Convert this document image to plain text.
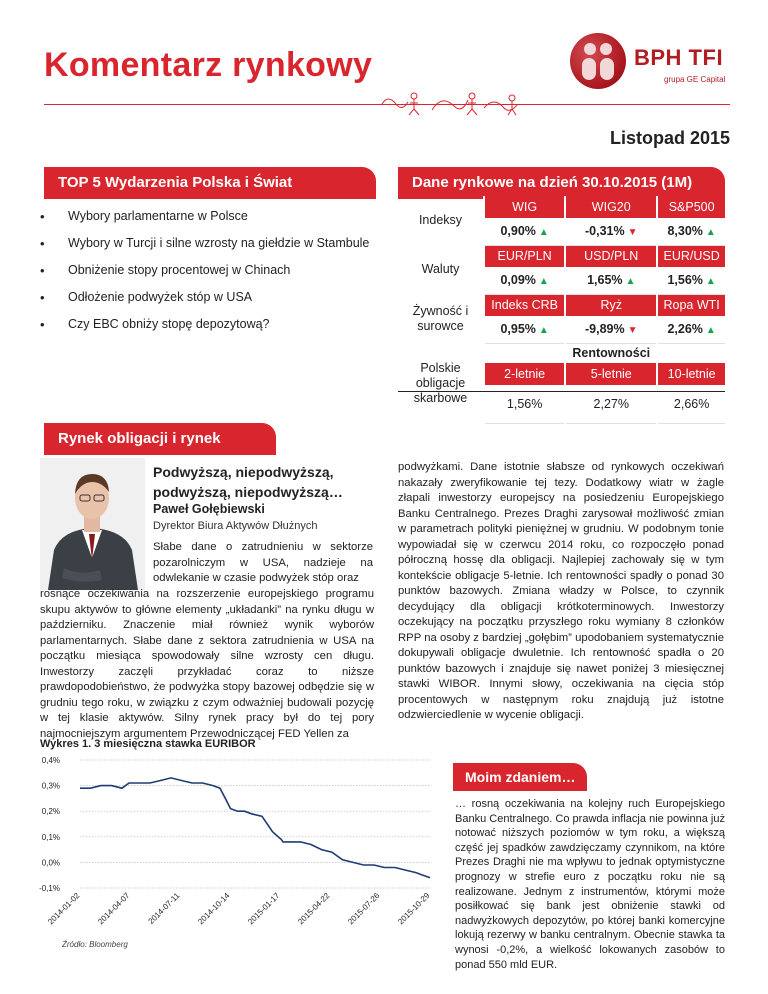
Komentarz rynkowy	BPH TFI
grupa GE Capital
Listopad 2015
TOP 5 Wydarzenia Polska i Świat
• Wybory parlamentarne w Polsce
• Wybory w Turcji i silne wzrosty na giełdzie w Stambule
• Obniżenie stopy procentowej w Chinach
• Odłożenie podwyżek stóp w USA
• Czy EBC obniży stopę depozytową?
Dane rynkowe na dzień 30.10.2015 (1M)
Indeksy	WIG	WIG20	S&P500
	0,90% ▲	-0,31% ▼	8,30% ▲
Waluty	EUR/PLN	USD/PLN	EUR/USD
	0,09% ▲	1,65% ▲	1,56% ▲
Żywność i surowce	Indeks CRB	Ryż	Ropa WTI
	0,95% ▲	-9,89% ▼	2,26% ▲
Polskie obligacje skarbowe		Rentowności	
	2-letnie	5-letnie	10-letnie
	1,56%	2,27%	2,66%
Rynek obligacji i rynek
Podwyższą, niepodwyższą, podwyższą, niepodwyższą…
Paweł Gołębiewski
Dyrektor Biura Aktywów Dłużnych
Słabe dane o zatrudnieniu w sektorze pozarolniczym w USA, nadzieje na odwlekanie w czasie podwyżek stóp oraz
rosnące oczekiwania na rozszerzenie europejskiego programu skupu aktywów to główne elementy „układanki” na rynku długu w październiku. Znaczenie miał również wynik wyborów parlamentarnych. Słabe dane z sektora zatrudnienia w USA na początku miesiąca spowodowały silne wzrosty cen długu. Inwestorzy zaczęli przykładać coraz to niższe prawdopodobieństwo, że podwyżka stopy bazowej odbędzie się w grudniu tego roku, w związku z czym odważniej budowali pozycję w tej klasie aktywów. Silny rynek pracy był do tej pory najmocniejszym argumentem Przewodniczącej FED Yellen za
podwyżkami. Dane istotnie słabsze od rynkowych oczekiwań nakazały zweryfikowanie tej tezy. Dodatkowy wiatr w żagle złapali inwestorzy europejscy na posiedzeniu Europejskiego Banku Centralnego. Prezes Draghi zarysował możliwość zmian w parametrach polityki pieniężnej w grudniu. W podobnym tonie wypowiadał się w czerwcu 2014 roku, co rozpoczęło ponad półroczną hossę dla obligacji. Najlepiej zachowały się w tym kontekście obligacje 5-letnie. Ich rentowności spadły o ponad 30 punktów bazowych. Zmiana władzy w Polsce, to czynnik decydujący dla obligacji krótkoterminowych. Inwestorzy oczekujący na początku przyszłego roku wymiany 8 członków RPP na osoby z bardziej „gołębim” upodobaniem systematycznie dokupywali obligacje dwuletnie. Ich rentowność spadła o 20 punktów bazowych i znajduje się nawet poniżej 3 miesięcznej stawki WIBOR. Innymi słowy, oczekiwania na cięcia stóp procentowych w następnym roku znajdują już istotne odzwierciedlenie w wycenie obligacji.
Wykres 1. 3 miesięczna stawka EURIBOR
0,4%
0,3%
0,2%
0,1%
0,0%
-0,1%
2014-01-02 2014-04-07 2014-07-11 2014-10-14 2015-01-17 2015-04-22 2015-07-26 2015-10-29
Źródło: Bloomberg
Moim zdaniem…
… rosną oczekiwania na kolejny ruch Europejskiego Banku Centralnego. Co prawda inflacja nie powinna już notować niższych poziomów w tym roku, a większą część jej spadków zawdzięczamy czynnikom, na które Prezes Draghi nie ma wpływu to jednak optymistyczne prognozy w strefie euro z początku roku nie są realizowane. Jednym z instrumentów, którymi może posiłkować się bank jest obniżenie stawki od nadwyżkowych depozytów, po której banki komercyjne lokują rezerwy w banku centralnym. Obecnie stawka ta wynosi -0,2%, a wielkość lokowanych zasobów to ponad 550 mld EUR.
